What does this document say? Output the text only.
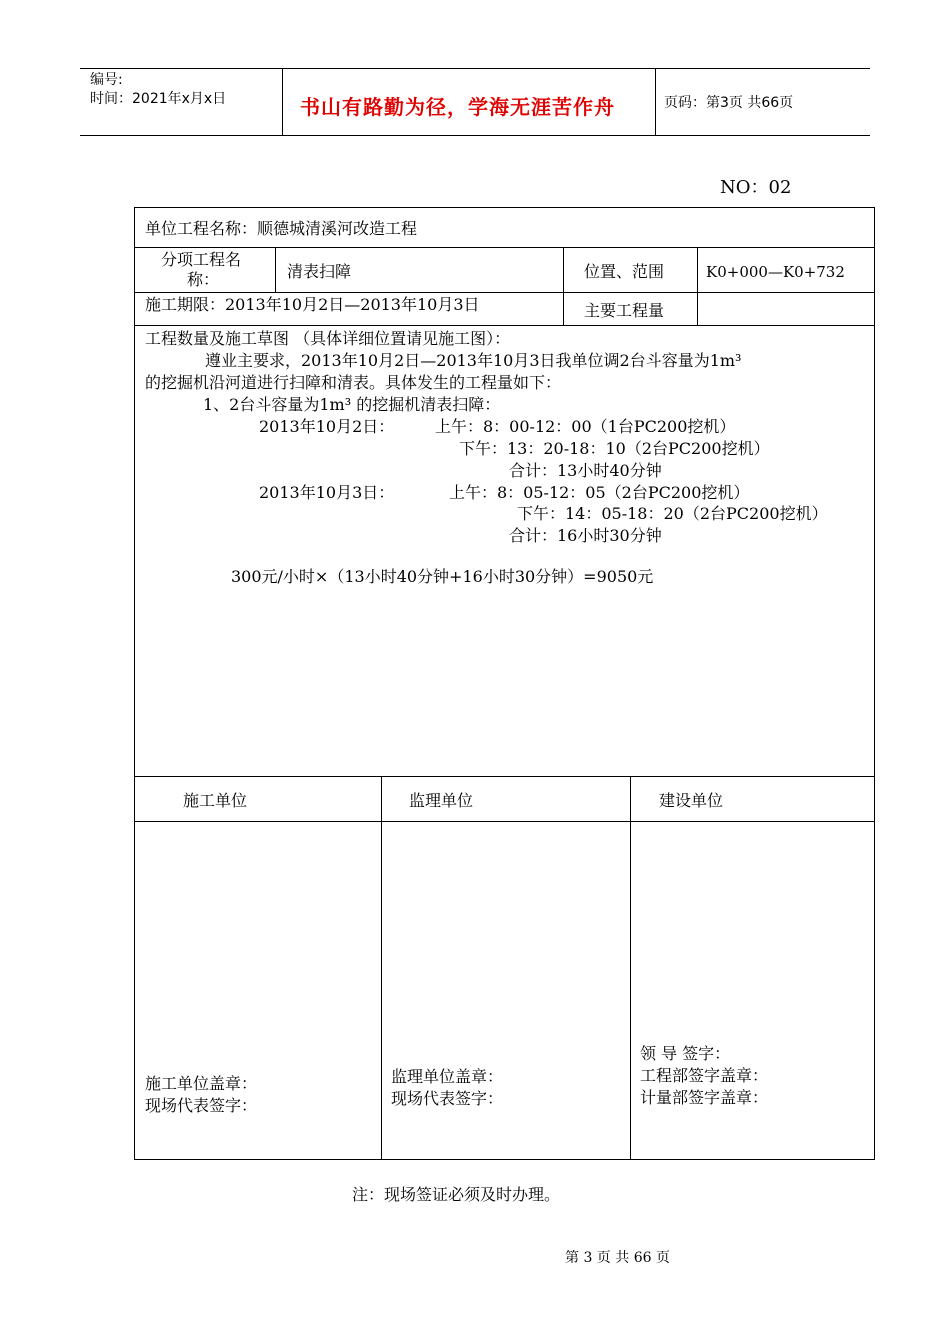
编号:
时间：2021年x月x日	书山有路勤为径，学海无涯苦作舟	页码：第3页 共66页
NO：02
单位工程名称：顺德城清溪河改造工程
分项工程名
称：	清表扫障	位置、范围	K0+000—K0+732
施工期限：2013年10月2日—2013年10月3日	主要工程量
工程数量及施工草图 （具体详细位置请见施工图）：
遵业主要求，2013年10月2日—2013年10月3日我单位调2台斗容量为1m³
的挖掘机沿河道进行扫障和清表。具体发生的工程量如下：
1、2台斗容量为1m³ 的挖掘机清表扫障：
2013年10月2日：	上午：8：00-12：00（1台PC200挖机）
下午：13：20-18：10（2台PC200挖机）
合计：13小时40分钟
2013年10月3日：	上午：8：05-12：05（2台PC200挖机）
下午：14：05-18：20（2台PC200挖机）
合计：16小时30分钟
300元/小时×（13小时40分钟+16小时30分钟）=9050元
施工单位	监理单位	建设单位
施工单位盖章：
现场代表签字：
监理单位盖章：
现场代表签字：
领 导 签字：
工程部签字盖章：
计量部签字盖章：
注：现场签证必须及时办理。
第 3 页 共 66 页
